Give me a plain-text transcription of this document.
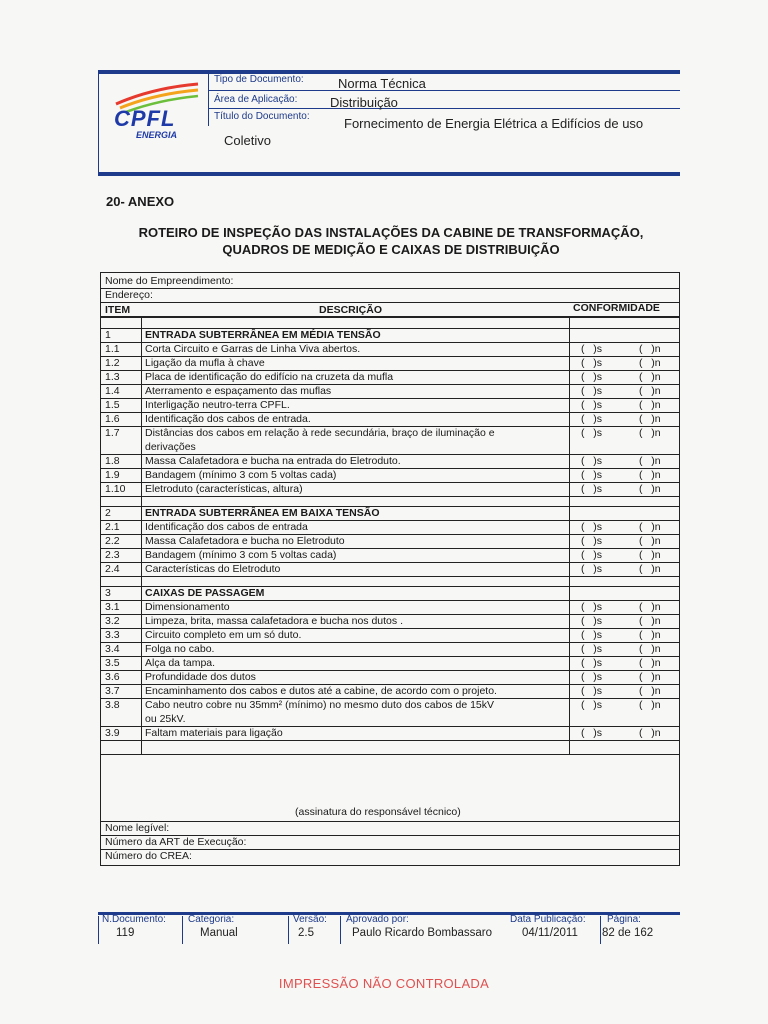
CPFL
ENERGIA
Tipo de Documento:	Norma Técnica
Área de Aplicação:	Distribuição
Título do Documento:	Fornecimento de Energia Elétrica a Edifícios de uso
Coletivo
20- ANEXO
ROTEIRO DE INSPEÇÃO DAS INSTALAÇÕES DA CABINE DE TRANSFORMAÇÃO,
QUADROS DE MEDIÇÃO E CAIXAS DE DISTRIBUIÇÃO
Nome do Empreendimento:
Endereço:
ITEM	DESCRIÇÃO	CONFORMIDADE
1	ENTRADA SUBTERRÂNEA EM MÉDIA TENSÃO
1.1 Corta Circuito e Garras de Linha Viva abertos.	(   )s	(   )n
1.2 Ligação da mufla à chave	(   )s	(   )n
1.3 Placa de identificação do edifício na cruzeta da mufla	(   )s	(   )n
1.4 Aterramento e espaçamento das muflas	(   )s	(   )n
1.5 Interligação neutro-terra CPFL.	(   )s	(   )n
1.6 Identificação dos cabos de entrada.	(   )s	(   )n
1.7 Distâncias dos cabos em relação à rede secundária, braço de iluminação e
derivações
(   )s	(   )n
1.8 Massa Calafetadora e bucha na entrada do Eletroduto.	(   )s	(   )n
1.9 Bandagem (mínimo 3 com 5 voltas cada)	(   )s	(   )n
1.10 Eletroduto (características, altura)	(   )s	(   )n
2	ENTRADA SUBTERRÂNEA EM BAIXA TENSÃO
2.1 Identificação dos cabos de entrada	(   )s	(   )n
2.2 Massa Calafetadora e bucha no Eletroduto	(   )s	(   )n
2.3 Bandagem (mínimo 3 com 5 voltas cada)	(   )s	(   )n
2.4 Características do Eletroduto	(   )s	(   )n
3	CAIXAS DE PASSAGEM
3.1 Dimensionamento	(   )s	(   )n
3.2 Limpeza, brita, massa calafetadora e bucha nos dutos .	(   )s	(   )n
3.3 Circuito completo em um só duto.	(   )s	(   )n
3.4 Folga no cabo.	(   )s	(   )n
3.5 Alça da tampa.	(   )s	(   )n
3.6 Profundidade dos dutos	(   )s	(   )n
3.7 Encaminhamento dos cabos e dutos até a cabine, de acordo com o projeto.	(   )s	(   )n
3.8 Cabo neutro cobre nu 35mm² (mínimo) no mesmo duto dos cabos de 15kV
ou 25kV.
(   )s	(   )n
3.9 Faltam materiais para ligação	(   )s	(   )n
(assinatura do responsável técnico)
Nome legível:
Número da ART de Execução:
Número do CREA:
N.Documento:
119
Categoria:
Manual
Versão:
2.5
Aprovado por:
Paulo Ricardo Bombassaro
Data Publicação:
04/11/2011
Página:
82 de 162
IMPRESSÃO NÃO CONTROLADA
